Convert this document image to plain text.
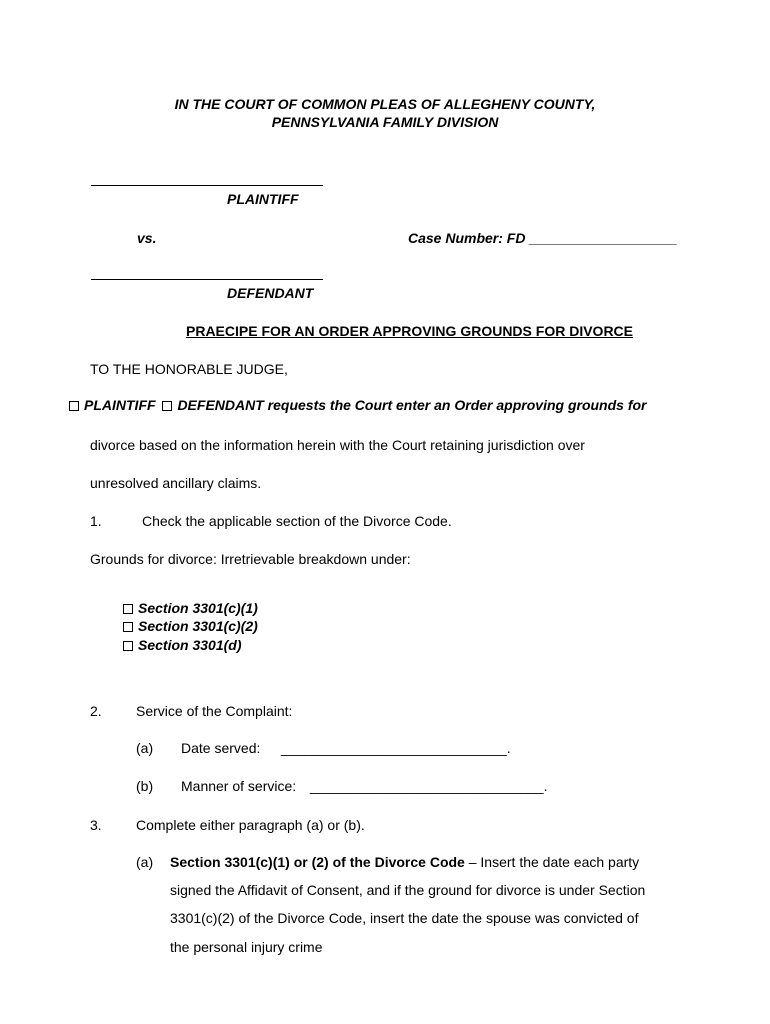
IN THE COURT OF COMMON PLEAS OF ALLEGHENY COUNTY,
PENNSYLVANIA FAMILY DIVISION
PLAINTIFF
vs.	Case Number: FD ___________________
DEFENDANT
PRAECIPE FOR AN ORDER APPROVING GROUNDS FOR DIVORCE
TO THE HONORABLE JUDGE,
PLAINTIFF DEFENDANT requests the Court enter an Order approving grounds for
divorce based on the information herein with the Court retaining jurisdiction over
unresolved ancillary claims.
1.	Check the applicable section of the Divorce Code.
Grounds for divorce: Irretrievable breakdown under:
Section 3301(c)(1)
Section 3301(c)(2)
Section 3301(d)
2. Service of the Complaint:
(a) Date served: _____________________________.
(b) Manner of service: ______________________________.
3. Complete either paragraph (a) or (b).
(a) Section 3301(c)(1) or (2) of the Divorce Code – Insert the date each party
signed the Affidavit of Consent, and if the ground for divorce is under Section
3301(c)(2) of the Divorce Code, insert the date the spouse was convicted of
the personal injury crime
